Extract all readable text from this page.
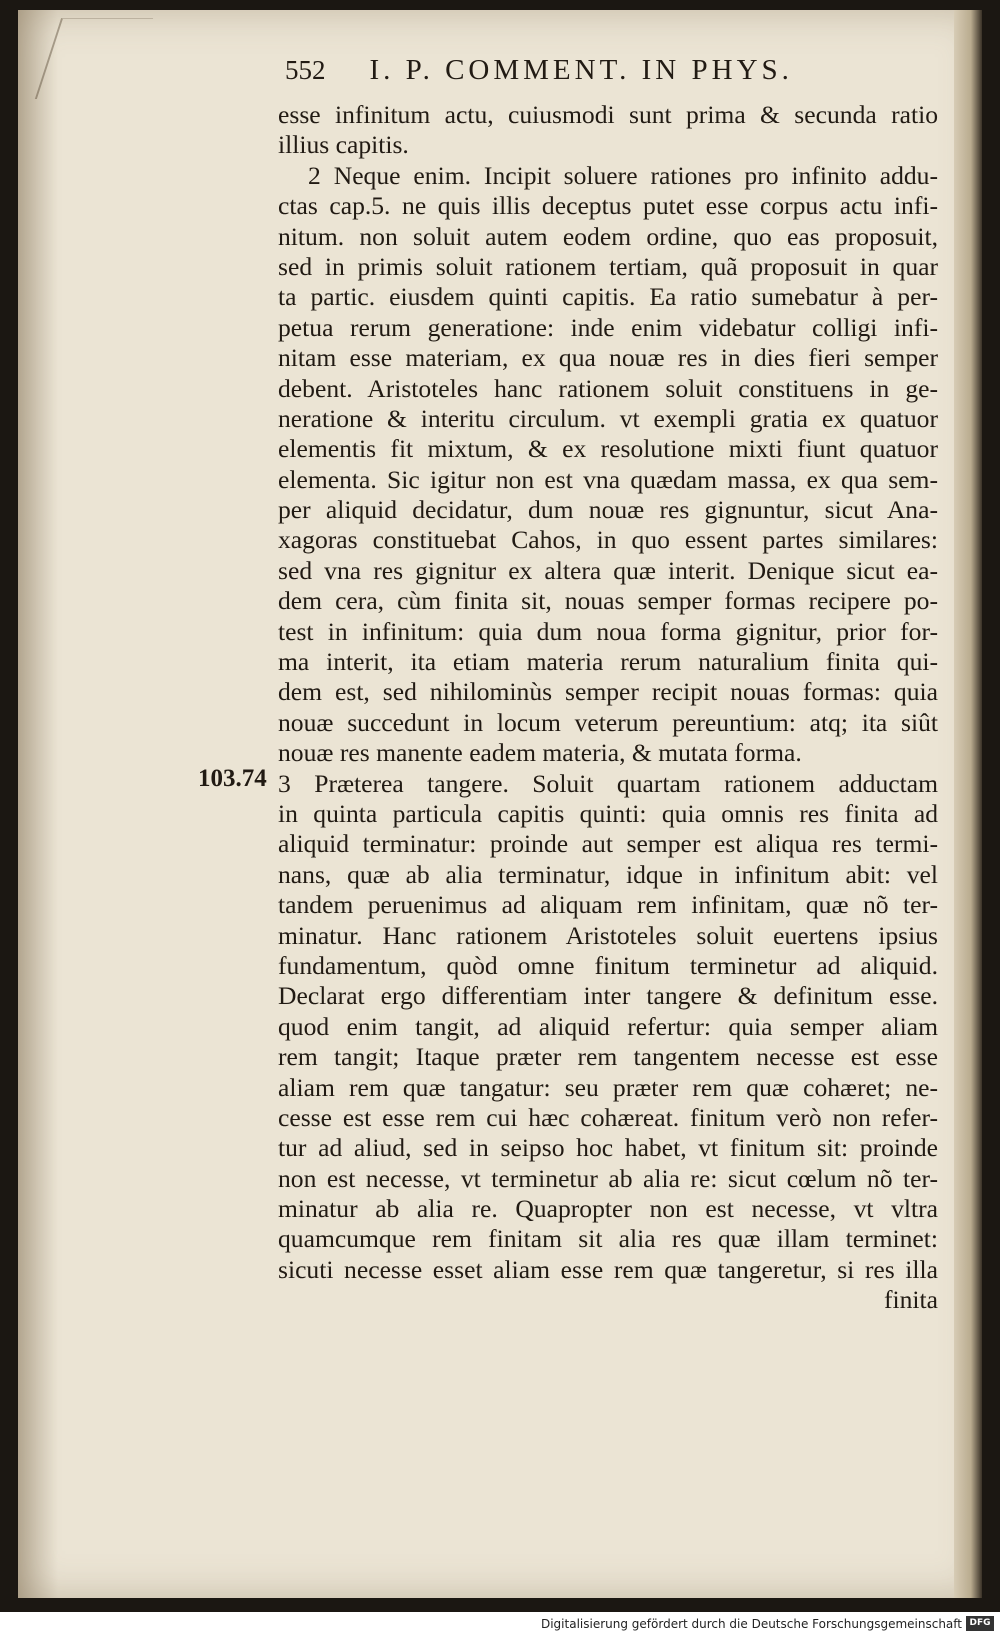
552 I. P. COMMENT. IN PHYS.
103.74
esse infinitum actu, cuiusmodi sunt prima & secunda ratio
illius capitis.
2 Neque enim. Incipit soluere rationes pro infinito addu-
ctas cap.5. ne quis illis deceptus putet esse corpus actu infi-
nitum. non soluit autem eodem ordine, quo eas proposuit,
sed in primis soluit rationem tertiam, quã proposuit in quar
ta partic. eiusdem quinti capitis. Ea ratio sumebatur à per-
petua rerum generatione: inde enim videbatur colligi infi-
nitam esse materiam, ex qua nouæ res in dies fieri semper
debent. Aristoteles hanc rationem soluit constituens in ge-
neratione & interitu circulum. vt exempli gratia ex quatuor
elementis fit mixtum, & ex resolutione mixti fiunt quatuor
elementa. Sic igitur non est vna quædam massa, ex qua sem-
per aliquid decidatur, dum nouæ res gignuntur, sicut Ana-
xagoras constituebat Cahos, in quo essent partes similares:
sed vna res gignitur ex altera quæ interit. Denique sicut ea-
dem cera, cùm finita sit, nouas semper formas recipere po-
test in infinitum: quia dum noua forma gignitur, prior for-
ma interit, ita etiam materia rerum naturalium finita qui-
dem est, sed nihilominùs semper recipit nouas formas: quia
nouæ succedunt in locum veterum pereuntium: atq; ita siût
nouæ res manente eadem materia, & mutata forma.
3 Præterea tangere. Soluit quartam rationem adductam
in quinta particula capitis quinti: quia omnis res finita ad
aliquid terminatur: proinde aut semper est aliqua res termi-
nans, quæ ab alia terminatur, idque in infinitum abit: vel
tandem peruenimus ad aliquam rem infinitam, quæ nõ ter-
minatur. Hanc rationem Aristoteles soluit euertens ipsius
fundamentum, quòd omne finitum terminetur ad aliquid.
Declarat ergo differentiam inter tangere & definitum esse.
quod enim tangit, ad aliquid refertur: quia semper aliam
rem tangit; Itaque præter rem tangentem necesse est esse
aliam rem quæ tangatur: seu præter rem quæ cohæret; ne-
cesse est esse rem cui hæc cohæreat. finitum verò non refer-
tur ad aliud, sed in seipso hoc habet, vt finitum sit: proinde
non est necesse, vt terminetur ab alia re: sicut cœlum nõ ter-
minatur ab alia re. Quapropter non est necesse, vt vltra
quamcumque rem finitam sit alia res quæ illam terminet:
sicuti necesse esset aliam esse rem quæ tangeretur, si res illa
finita
Digitalisierung gefördert durch die Deutsche Forschungsgemeinschaft DFG
